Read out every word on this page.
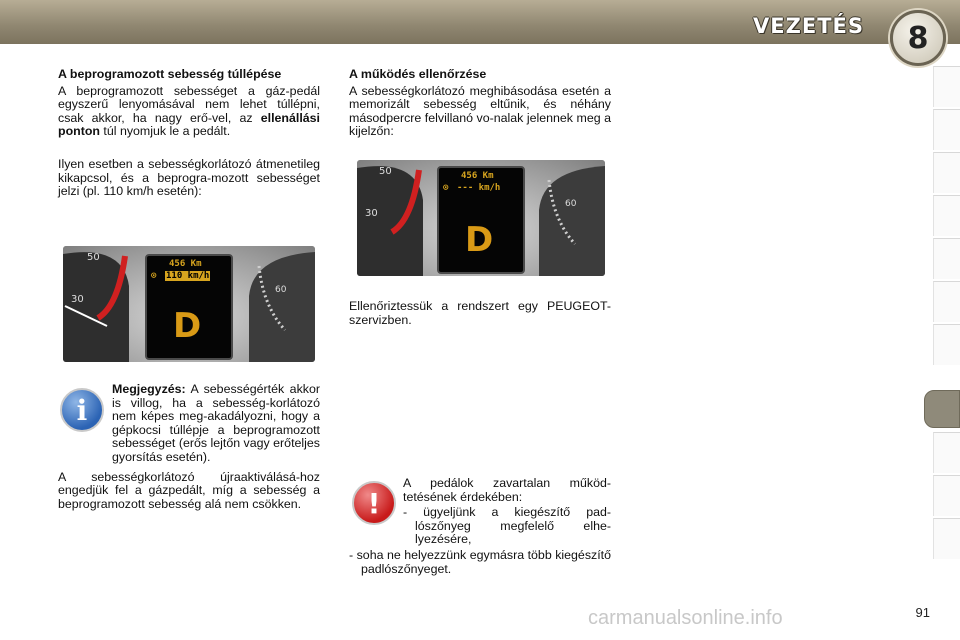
VEZETÉS	8

A beprogramozott sebesség túllépése

A beprogramozott sebességet a gáz-pedál egyszerű lenyomásával nem lehet túllépni, csak akkor, ha nagy erő-vel, az ellenállási ponton túl nyomjuk le a pedált.

Ilyen esetben a sebességkorlátozó átmenetileg kikapcsol, és a beprogra-mozott sebességet jelzi (pl. 110 km/h esetén):

50
30
60
456 Km
⊙ 110 km/h
D
i

Megjegyzés: A sebességérték akkor is villog, ha a sebesség-korlátozó nem képes meg-akadályozni, hogy a gépkocsi túllépje a beprogramozott sebességet (erős lejtőn vagy erőteljes gyorsítás esetén).

A sebességkorlátozó újraaktiválásá-hoz engedjük fel a gázpedált, míg a sebesség a beprogramozott sebesség alá nem csökken.

A működés ellenőrzése

A sebességkorlátozó meghibásodása esetén a memorizált sebesség eltűnik, és néhány másodpercre felvillanó vo-nalak jelennek meg a kijelzőn:

50
30
60
456 Km
⊙ --- km/h
D

Ellenőriztessük a rendszert egy PEUGEOT-szervizben.

!

A pedálok zavartalan működ-tetésének érdekében:

- ügyeljünk a kiegészítő pad-lószőnyeg megfelelő elhe-lyezésére,

- soha ne helyezzünk egymásra több kiegészítő padlószőnyeget.

carmanualsonline.info	91
